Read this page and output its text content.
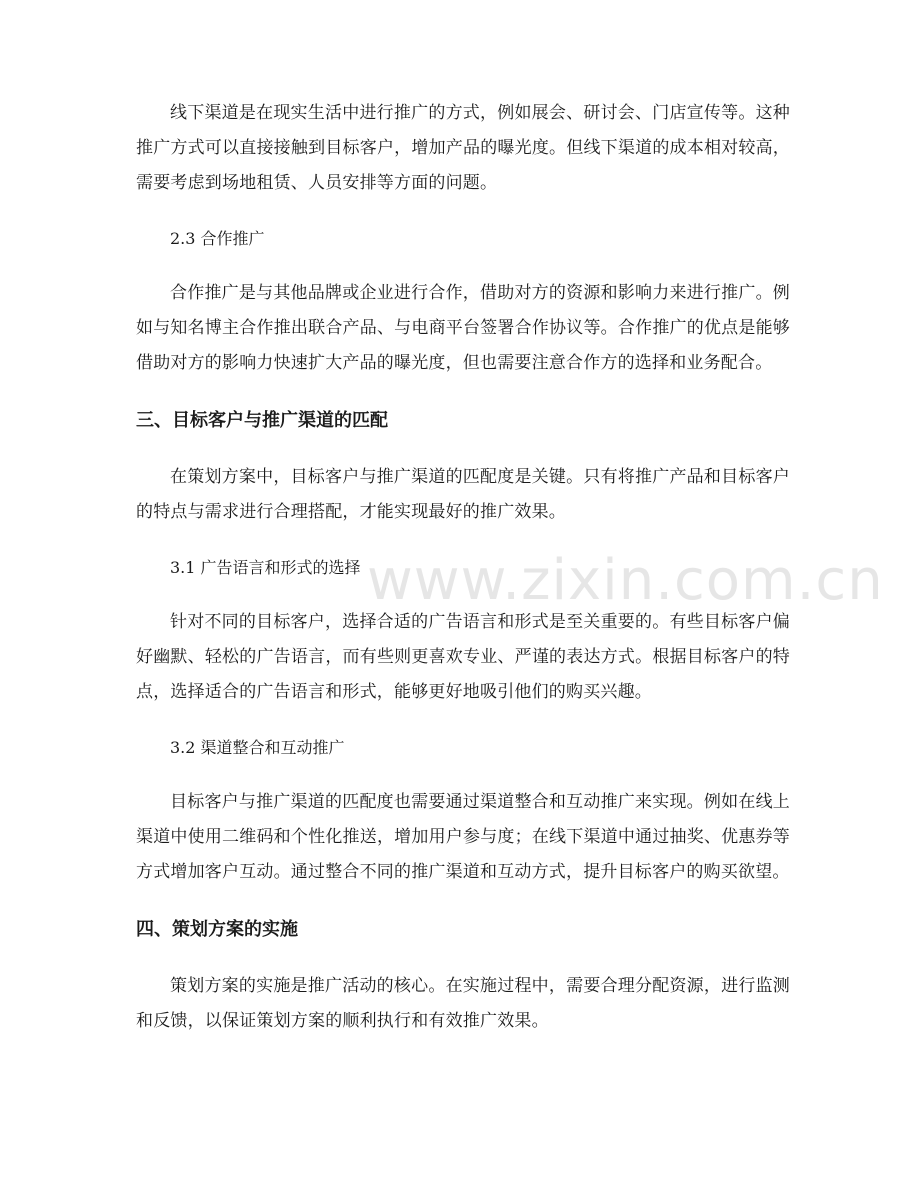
www.zixin.com.cn

线下渠道是在现实生活中进行推广的方式，例如展会、研讨会、门店宣传等。这种推广方式可以直接接触到目标客户，增加产品的曝光度。但线下渠道的成本相对较高，需要考虑到场地租赁、人员安排等方面的问题。

2.3 合作推广

合作推广是与其他品牌或企业进行合作，借助对方的资源和影响力来进行推广。例如与知名博主合作推出联合产品、与电商平台签署合作协议等。合作推广的优点是能够借助对方的影响力快速扩大产品的曝光度，但也需要注意合作方的选择和业务配合。

三、目标客户与推广渠道的匹配

在策划方案中，目标客户与推广渠道的匹配度是关键。只有将推广产品和目标客户的特点与需求进行合理搭配，才能实现最好的推广效果。

3.1 广告语言和形式的选择

针对不同的目标客户，选择合适的广告语言和形式是至关重要的。有些目标客户偏好幽默、轻松的广告语言，而有些则更喜欢专业、严谨的表达方式。根据目标客户的特点，选择适合的广告语言和形式，能够更好地吸引他们的购买兴趣。

3.2 渠道整合和互动推广

目标客户与推广渠道的匹配度也需要通过渠道整合和互动推广来实现。例如在线上渠道中使用二维码和个性化推送，增加用户参与度；在线下渠道中通过抽奖、优惠券等方式增加客户互动。通过整合不同的推广渠道和互动方式，提升目标客户的购买欲望。

四、策划方案的实施

策划方案的实施是推广活动的核心。在实施过程中，需要合理分配资源，进行监测和反馈，以保证策划方案的顺利执行和有效推广效果。
